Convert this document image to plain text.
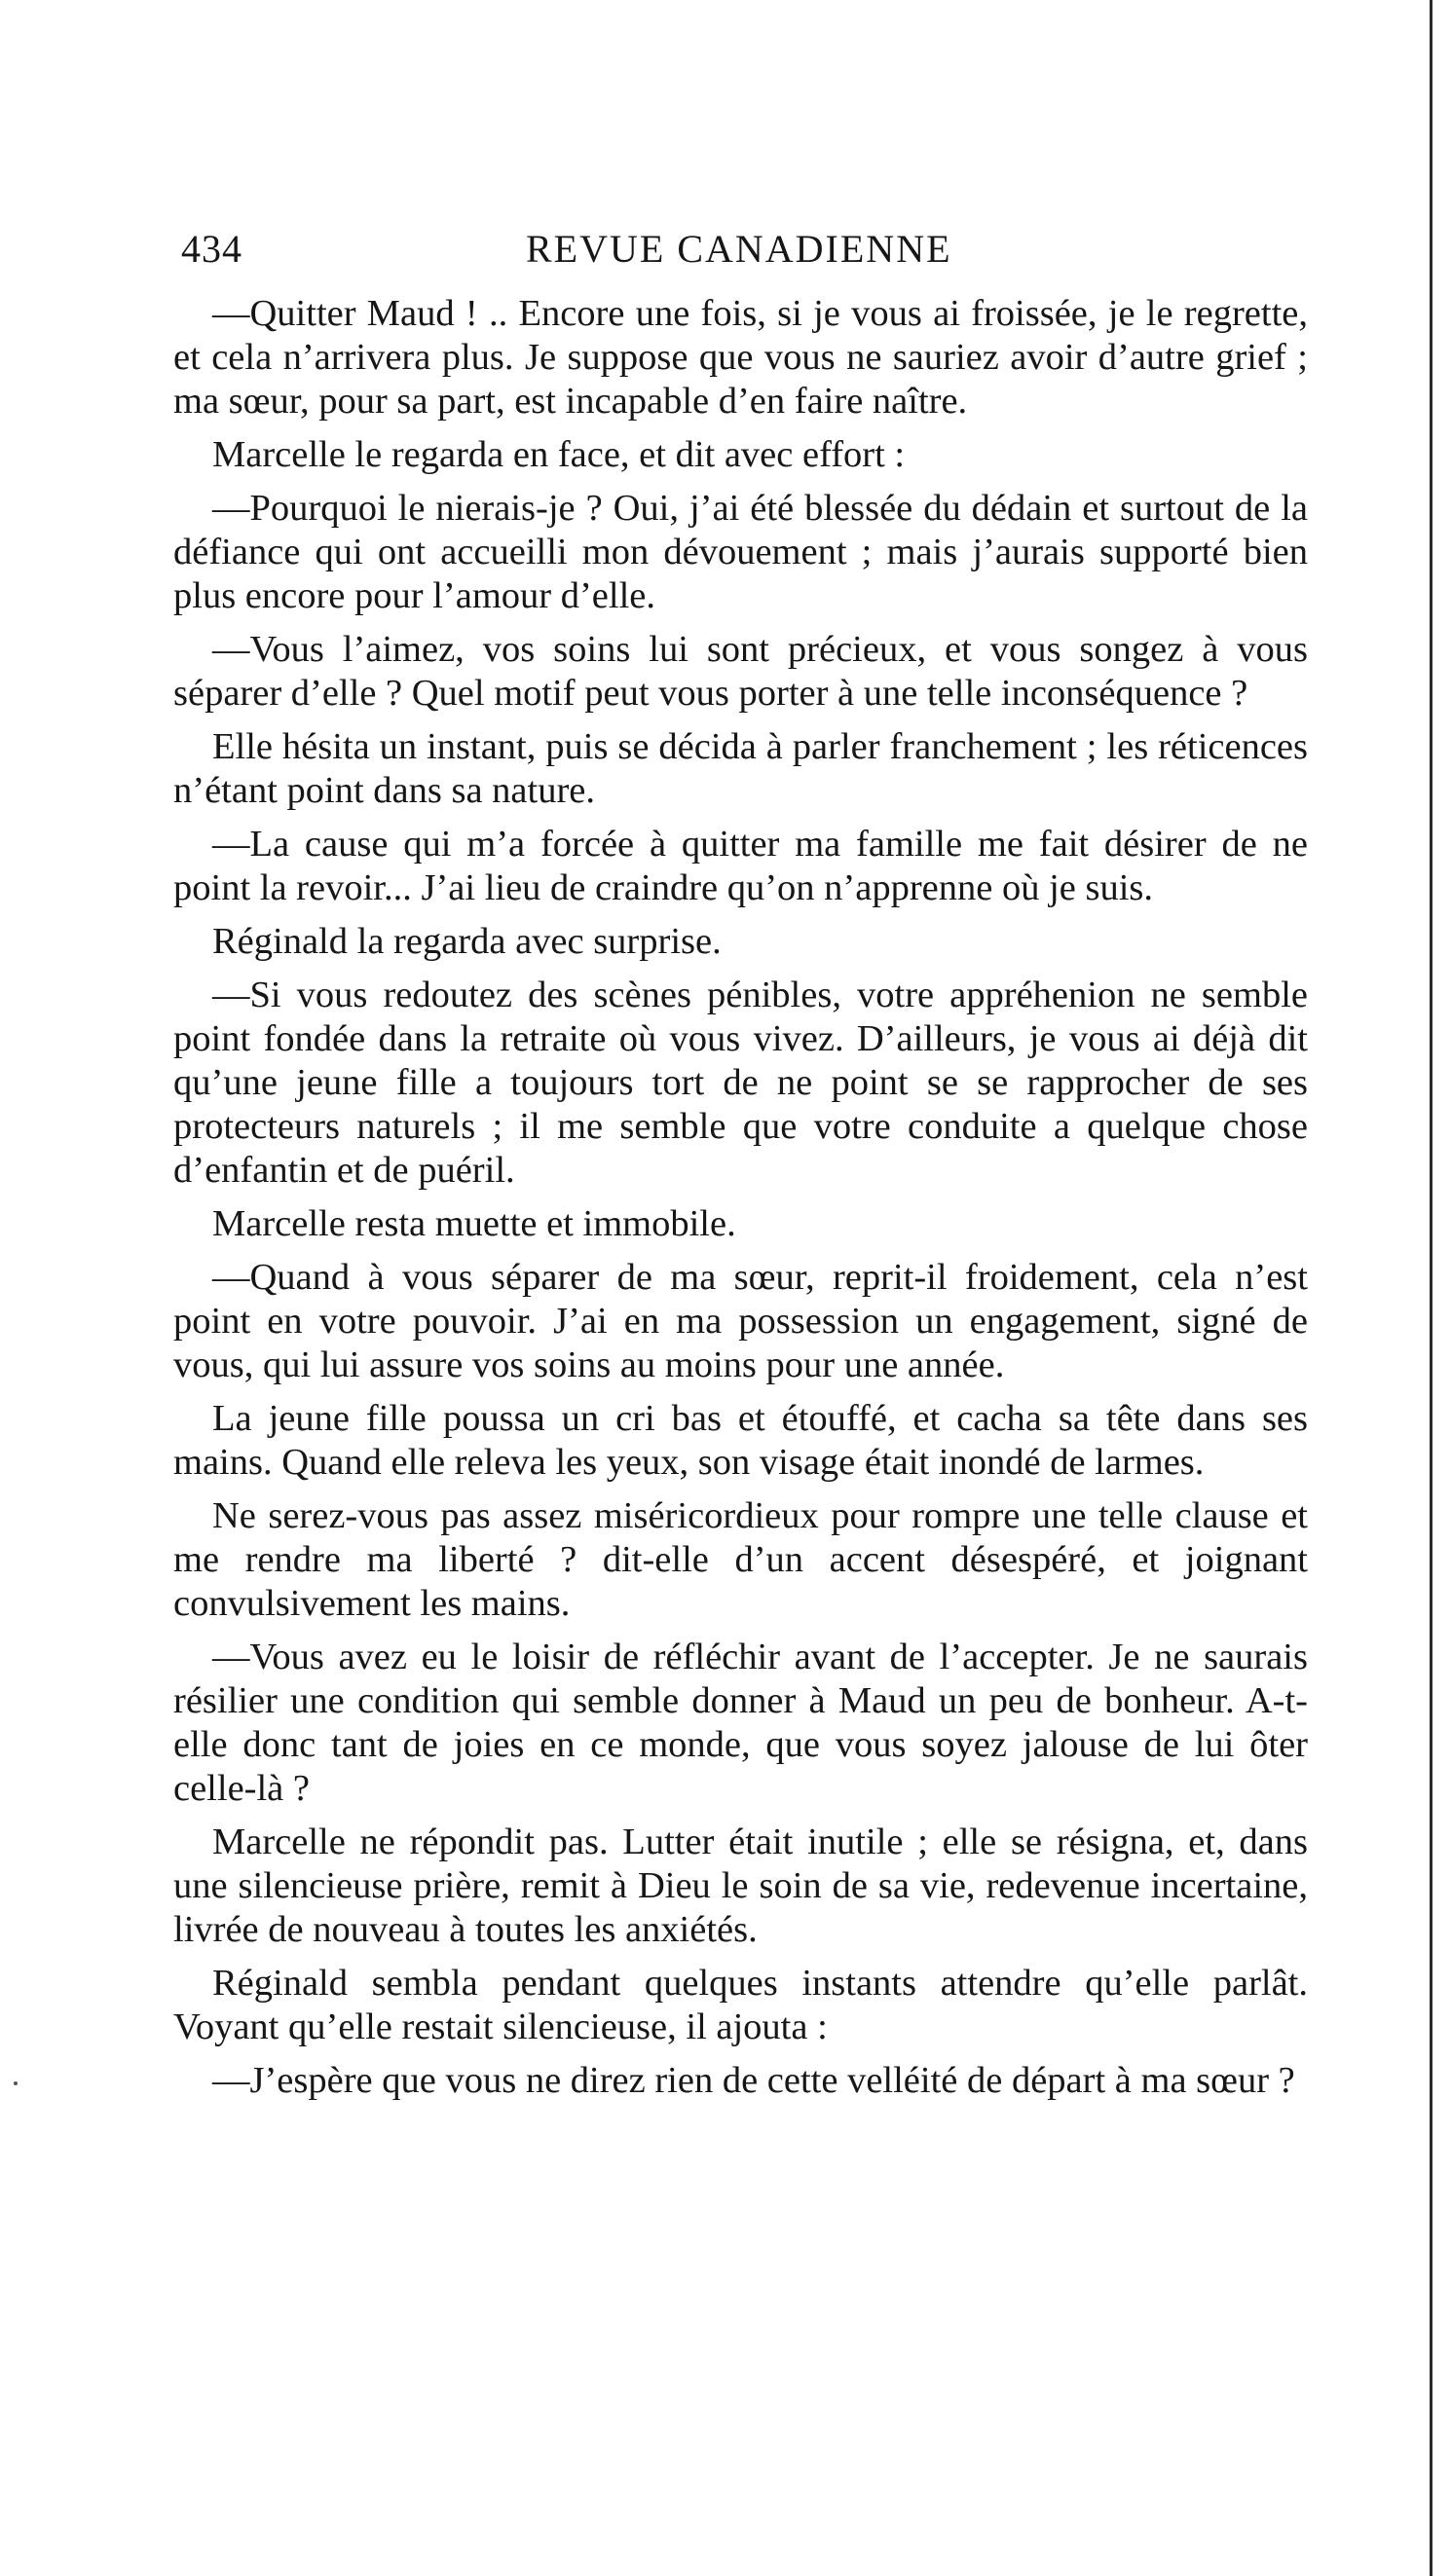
434	REVUE CANADIENNE

—Quitter Maud ! .. Encore une fois, si je vous ai froissée, je le regrette, et cela n’arrivera plus. Je suppose que vous ne sauriez avoir d’autre grief ; ma sœur, pour sa part, est incapable d’en faire naître.

Marcelle le regarda en face, et dit avec effort :

—Pourquoi le nierais-je ? Oui, j’ai été blessée du dédain et surtout de la défiance qui ont accueilli mon dévouement ; mais j’aurais supporté bien plus encore pour l’amour d’elle.

—Vous l’aimez, vos soins lui sont précieux, et vous songez à vous séparer d’elle ? Quel motif peut vous porter à une telle inconséquence ?

Elle hésita un instant, puis se décida à parler franchement ; les réticences n’étant point dans sa nature.

—La cause qui m’a forcée à quitter ma famille me fait désirer de ne point la revoir... J’ai lieu de craindre qu’on n’apprenne où je suis.

Réginald la regarda avec surprise.

—Si vous redoutez des scènes pénibles, votre appréhenion ne semble point fondée dans la retraite où vous vivez. D’ailleurs, je vous ai déjà dit qu’une jeune fille a toujours tort de ne point se se rapprocher de ses protecteurs naturels ; il me semble que votre conduite a quelque chose d’enfantin et de puéril.

Marcelle resta muette et immobile.

—Quand à vous séparer de ma sœur, reprit-il froidement, cela n’est point en votre pouvoir. J’ai en ma possession un engagement, signé de vous, qui lui assure vos soins au moins pour une année.

La jeune fille poussa un cri bas et étouffé, et cacha sa tête dans ses mains. Quand elle releva les yeux, son visage était inondé de larmes.

Ne serez-vous pas assez miséricordieux pour rompre une telle clause et me rendre ma liberté ? dit-elle d’un accent désespéré, et joignant convulsivement les mains.

—Vous avez eu le loisir de réfléchir avant de l’accepter. Je ne saurais résilier une condition qui semble donner à Maud un peu de bonheur. A-t-elle donc tant de joies en ce monde, que vous soyez jalouse de lui ôter celle-là ?

Marcelle ne répondit pas. Lutter était inutile ; elle se résigna, et, dans une silencieuse prière, remit à Dieu le soin de sa vie, redevenue incertaine, livrée de nouveau à toutes les anxiétés.

Réginald sembla pendant quelques instants attendre qu’elle parlât. Voyant qu’elle restait silencieuse, il ajouta :

—J’espère que vous ne direz rien de cette velléité de départ à ma sœur ?
